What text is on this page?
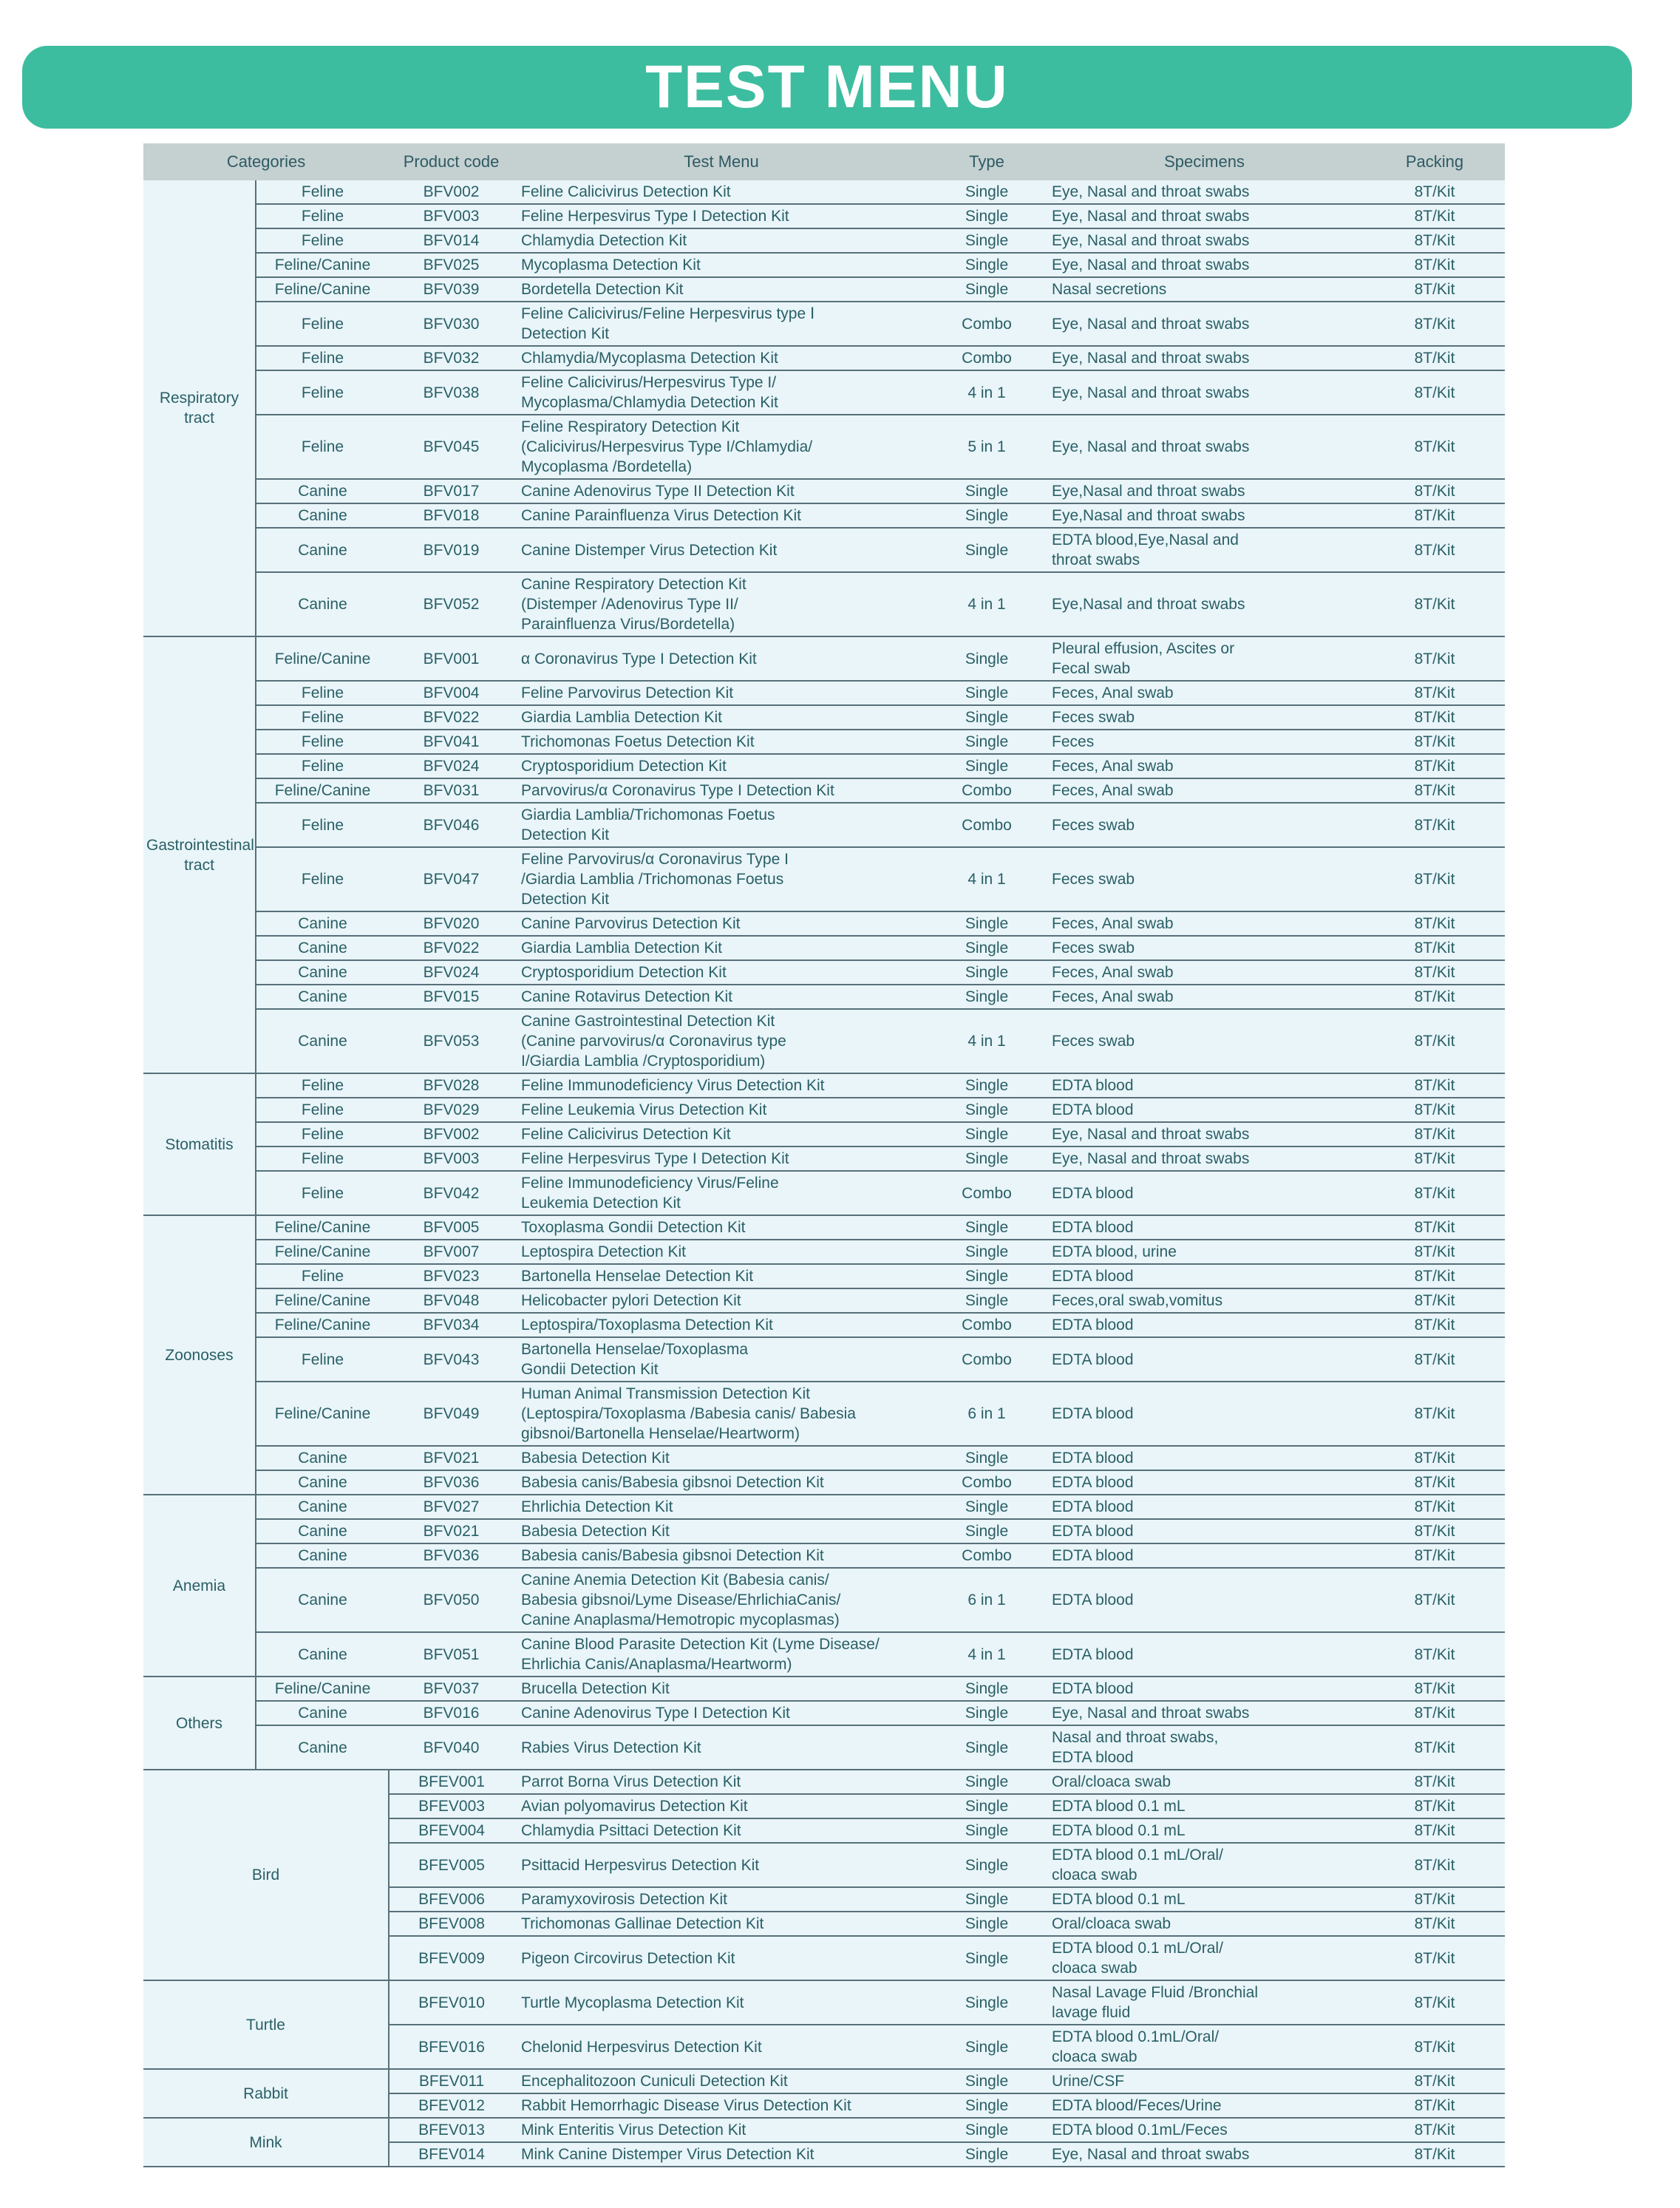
TEST MENU
Categories		Product code	Test Menu	Type	Specimens	Packing
Respiratory tract	Feline	BFV002	Feline Calicivirus Detection Kit	Single	Eye, Nasal and throat swabs	8T/Kit
	Feline	BFV003	Feline Herpesvirus Type I Detection Kit	Single	Eye, Nasal and throat swabs	8T/Kit
	Feline	BFV014	Chlamydia Detection Kit	Single	Eye, Nasal and throat swabs	8T/Kit
	Feline/Canine	BFV025	Mycoplasma Detection Kit	Single	Eye, Nasal and throat swabs	8T/Kit
	Feline/Canine	BFV039	Bordetella Detection Kit	Single	Nasal secretions	8T/Kit
	Feline	BFV030	Feline Calicivirus/Feline Herpesvirus type Ⅰ
Detection Kit	Combo	Eye, Nasal and throat swabs	8T/Kit
	Feline	BFV032	Chlamydia/Mycoplasma Detection Kit	Combo	Eye, Nasal and throat swabs	8T/Kit
	Feline	BFV038	Feline Calicivirus/Herpesvirus Type I/
Mycoplasma/Chlamydia Detection Kit	4 in 1	Eye, Nasal and throat swabs	8T/Kit
	Feline	BFV045	Feline Respiratory Detection Kit
(Calicivirus/Herpesvirus Type I/Chlamydia/
Mycoplasma /Bordetella)	5 in 1	Eye, Nasal and throat swabs	8T/Kit
	Canine	BFV017	Canine Adenovirus Type II Detection Kit	Single	Eye,Nasal and throat swabs	8T/Kit
	Canine	BFV018	Canine Parainfluenza Virus Detection Kit	Single	Eye,Nasal and throat swabs	8T/Kit
	Canine	BFV019	Canine Distemper Virus Detection Kit	Single	EDTA blood,Eye,Nasal and
throat swabs	8T/Kit
	Canine	BFV052	Canine Respiratory Detection Kit
(Distemper /Adenovirus Type II/
Parainfluenza Virus/Bordetella)	4 in 1	Eye,Nasal and throat swabs	8T/Kit
Gastrointestinal tract	Feline/Canine	BFV001	α Coronavirus Type I Detection Kit	Single	Pleural effusion, Ascites or
Fecal swab	8T/Kit
	Feline	BFV004	Feline Parvovirus Detection Kit	Single	Feces, Anal swab	8T/Kit
	Feline	BFV022	Giardia Lamblia Detection Kit	Single	Feces swab	8T/Kit
	Feline	BFV041	Trichomonas Foetus Detection Kit	Single	Feces	8T/Kit
	Feline	BFV024	Cryptosporidium Detection Kit	Single	Feces, Anal swab	8T/Kit
	Feline/Canine	BFV031	Parvovirus/α Coronavirus Type I Detection Kit	Combo	Feces, Anal swab	8T/Kit
	Feline	BFV046	Giardia Lamblia/Trichomonas Foetus
Detection Kit	Combo	Feces swab	8T/Kit
	Feline	BFV047	Feline Parvovirus/α Coronavirus Type I
/Giardia Lamblia /Trichomonas Foetus
Detection Kit	4 in 1	Feces swab	8T/Kit
	Canine	BFV020	Canine Parvovirus Detection Kit	Single	Feces, Anal swab	8T/Kit
	Canine	BFV022	Giardia Lamblia Detection Kit	Single	Feces swab	8T/Kit
	Canine	BFV024	Cryptosporidium Detection Kit	Single	Feces, Anal swab	8T/Kit
	Canine	BFV015	Canine Rotavirus Detection Kit	Single	Feces, Anal swab	8T/Kit
	Canine	BFV053	Canine Gastrointestinal Detection Kit
(Canine parvovirus/α Coronavirus type
I/Giardia Lamblia /Cryptosporidium)	4 in 1	Feces swab	8T/Kit
Stomatitis	Feline	BFV028	Feline Immunodeficiency Virus Detection Kit	Single	EDTA blood	8T/Kit
	Feline	BFV029	Feline Leukemia Virus Detection Kit	Single	EDTA blood	8T/Kit
	Feline	BFV002	Feline Calicivirus Detection Kit	Single	Eye, Nasal and throat swabs	8T/Kit
	Feline	BFV003	Feline Herpesvirus Type I Detection Kit	Single	Eye, Nasal and throat swabs	8T/Kit
	Feline	BFV042	Feline Immunodeficiency Virus/Feline
Leukemia Detection Kit	Combo	EDTA blood	8T/Kit
Zoonoses	Feline/Canine	BFV005	Toxoplasma Gondii Detection Kit	Single	EDTA blood	8T/Kit
	Feline/Canine	BFV007	Leptospira Detection Kit	Single	EDTA blood, urine	8T/Kit
	Feline	BFV023	Bartonella Henselae Detection Kit	Single	EDTA blood	8T/Kit
	Feline/Canine	BFV048	Helicobacter pylori Detection Kit	Single	Feces,oral swab,vomitus	8T/Kit
	Feline/Canine	BFV034	Leptospira/Toxoplasma Detection Kit	Combo	EDTA blood	8T/Kit
	Feline	BFV043	Bartonella Henselae/Toxoplasma
Gondii Detection Kit	Combo	EDTA blood	8T/Kit
	Feline/Canine	BFV049	Human Animal Transmission Detection Kit
(Leptospira/Toxoplasma /Babesia canis/ Babesia
gibsnoi/Bartonella Henselae/Heartworm)	6 in 1	EDTA blood	8T/Kit
	Canine	BFV021	Babesia Detection Kit	Single	EDTA blood	8T/Kit
	Canine	BFV036	Babesia canis/Babesia gibsnoi Detection Kit	Combo	EDTA blood	8T/Kit
Anemia	Canine	BFV027	Ehrlichia Detection Kit	Single	EDTA blood	8T/Kit
	Canine	BFV021	Babesia Detection Kit	Single	EDTA blood	8T/Kit
	Canine	BFV036	Babesia canis/Babesia gibsnoi Detection Kit	Combo	EDTA blood	8T/Kit
	Canine	BFV050	Canine Anemia Detection Kit (Babesia canis/
Babesia gibsnoi/Lyme Disease/EhrlichiaCanis/
Canine Anaplasma/Hemotropic mycoplasmas)	6 in 1	EDTA blood	8T/Kit
	Canine	BFV051	Canine Blood Parasite Detection Kit (Lyme Disease/
Ehrlichia Canis/Anaplasma/Heartworm)	4 in 1	EDTA blood	8T/Kit
Others	Feline/Canine	BFV037	Brucella Detection Kit	Single	EDTA blood	8T/Kit
	Canine	BFV016	Canine Adenovirus Type I Detection Kit	Single	Eye, Nasal and throat swabs	8T/Kit
	Canine	BFV040	Rabies Virus Detection Kit	Single	Nasal and throat swabs,
EDTA blood	8T/Kit
Bird		BFEV001	Parrot Borna Virus Detection Kit	Single	Oral/cloaca swab	8T/Kit
		BFEV003	Avian polyomavirus Detection Kit	Single	EDTA blood 0.1 mL	8T/Kit
		BFEV004	Chlamydia Psittaci Detection Kit	Single	EDTA blood 0.1 mL	8T/Kit
		BFEV005	Psittacid Herpesvirus Detection Kit	Single	EDTA blood 0.1 mL/Oral/
cloaca swab	8T/Kit
		BFEV006	Paramyxovirosis Detection Kit	Single	EDTA blood 0.1 mL	8T/Kit
		BFEV008	Trichomonas Gallinae Detection Kit	Single	Oral/cloaca swab	8T/Kit
		BFEV009	Pigeon Circovirus Detection Kit	Single	EDTA blood 0.1 mL/Oral/
cloaca swab	8T/Kit
Turtle		BFEV010	Turtle Mycoplasma Detection Kit	Single	Nasal Lavage Fluid /Bronchial
lavage fluid	8T/Kit
		BFEV016	Chelonid Herpesvirus Detection Kit	Single	EDTA blood 0.1mL/Oral/
cloaca swab	8T/Kit
Rabbit		BFEV011	Encephalitozoon Cuniculi Detection Kit	Single	Urine/CSF	8T/Kit
		BFEV012	Rabbit Hemorrhagic Disease Virus Detection Kit	Single	EDTA blood/Feces/Urine	8T/Kit
Mink		BFEV013	Mink Enteritis Virus Detection Kit	Single	EDTA blood 0.1mL/Feces	8T/Kit
		BFEV014	Mink Canine Distemper Virus Detection Kit	Single	Eye, Nasal and throat swabs	8T/Kit
